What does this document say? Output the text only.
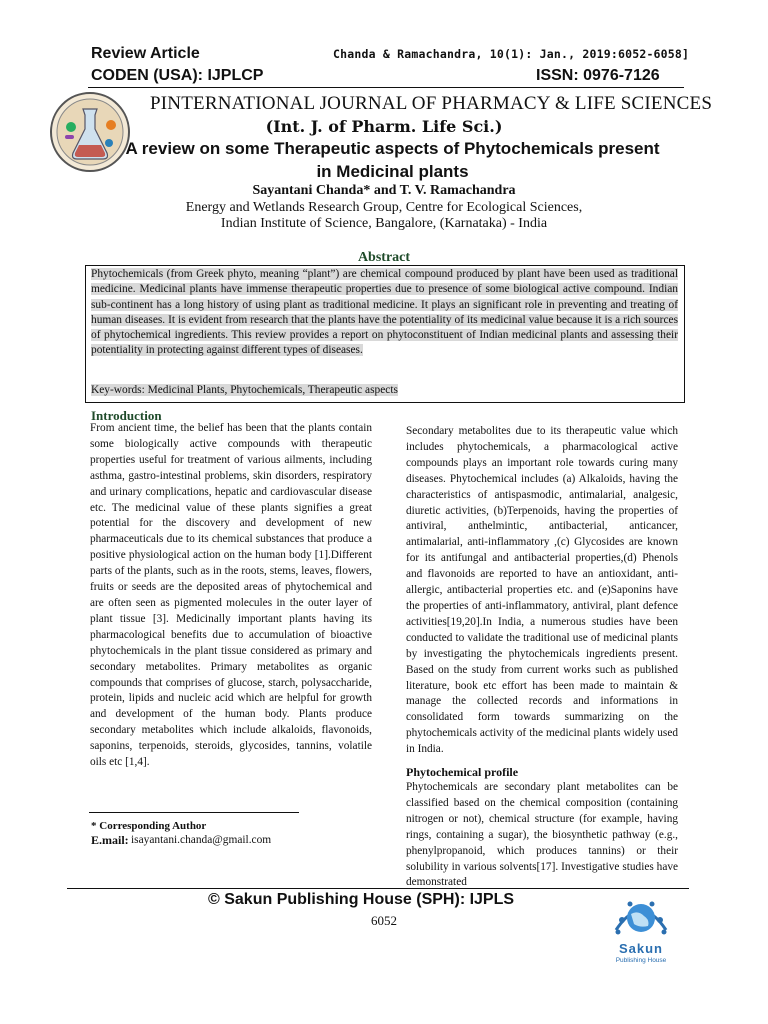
Review Article	Chanda & Ramachandra, 10(1): Jan., 2019:6052-6058]
CODEN (USA): IJPLCP	ISSN: 0976-7126
PINTERNATIONAL JOURNAL OF PHARMACY & LIFE SCIENCES
(Int. J. of Pharm. Life Sci.)
A review on some Therapeutic aspects of Phytochemicals present in Medicinal plants
Sayantani Chanda* and T. V. Ramachandra
Energy and Wetlands Research Group, Centre for Ecological Sciences,
Indian Institute of Science, Bangalore, (Karnataka) - India
Abstract
Phytochemicals (from Greek phyto, meaning “plant”) are chemical compound produced by plant have been used as traditional medicine. Medicinal plants have immense therapeutic properties due to presence of some biological active compound. Indian sub-continent has a long history of using plant as traditional medicine. It plays an significant role in preventing and treating of human diseases. It is evident from research that the plants have the potentiality of its medicinal value because it is a rich sources of phytochemical ingredients. This review provides a report on phytoconstituent of Indian medicinal plants and assessing their potentiality in protecting against different types of diseases.
Key-words: Medicinal Plants, Phytochemicals, Therapeutic aspects
Introduction
From ancient time, the belief has been that the plants contain some biologically active compounds with therapeutic properties useful for treatment of various ailments, including asthma, gastro-intestinal problems, skin disorders, respiratory and urinary complications, hepatic and cardiovascular disease etc. The medicinal value of these plants signifies a great potential for the discovery and development of new pharmaceuticals due to its chemical substances that produce a positive physiological action on the human body [1].Different parts of the plants, such as in the roots, stems, leaves, flowers, fruits or seeds are the deposited areas of phytochemical and are often seen as pigmented molecules in the outer layer of plant tissue [3]. Medicinally important plants having its pharmacological benefits due to accumulation of bioactive phytochemicals in the plant tissue considered as primary and secondary metabolites. Primary metabolites as organic compounds that comprises of glucose, starch, polysaccharide, protein, lipids and nucleic acid which are helpful for growth and development of the human body. Plants produce secondary metabolites which include alkaloids, flavonoids, saponins, terpenoids, steroids, glycosides, tannins, volatile oils etc [1,4].
Secondary metabolites due to its therapeutic value which includes phytochemicals, a pharmacological active compounds plays an important role towards curing many diseases. Phytochemical includes (a) Alkaloids, having the characteristics of antispasmodic, antimalarial, analgesic, diuretic activities, (b)Terpenoids, having the properties of antiviral, anthelmintic, antibacterial, anticancer, antimalarial, anti-inflammatory ,(c) Glycosides are known for its antifungal and antibacterial properties,(d) Phenols and flavonoids are reported to have an antioxidant, anti-allergic, antibacterial properties etc. and (e)Saponins have the properties of anti-inflammatory, antiviral, plant defence activities[19,20].In India, a numerous studies have been conducted to validate the traditional use of medicinal plants by investigating the phytochemicals ingredients present. Based on the study from current works such as published literature, book etc effort has been made to maintain & manage the collected records and informations in consolidated form towards summarizing on the phytochemicals activity of the medicinal plants widely used in India.
Phytochemical profile
Phytochemicals are secondary plant metabolites can be classified based on the chemical composition (containing nitrogen or not), chemical structure (for example, having rings, containing a sugar), the biosynthetic pathway (e.g., phenylpropanoid, which produces tannins) or their solubility in various solvents[17]. Investigative studies have demonstrated
* Corresponding Author
E.mail: isayantani.chanda@gmail.com
© Sakun Publishing House (SPH): IJPLS
6052
Sakun
Publishing House
